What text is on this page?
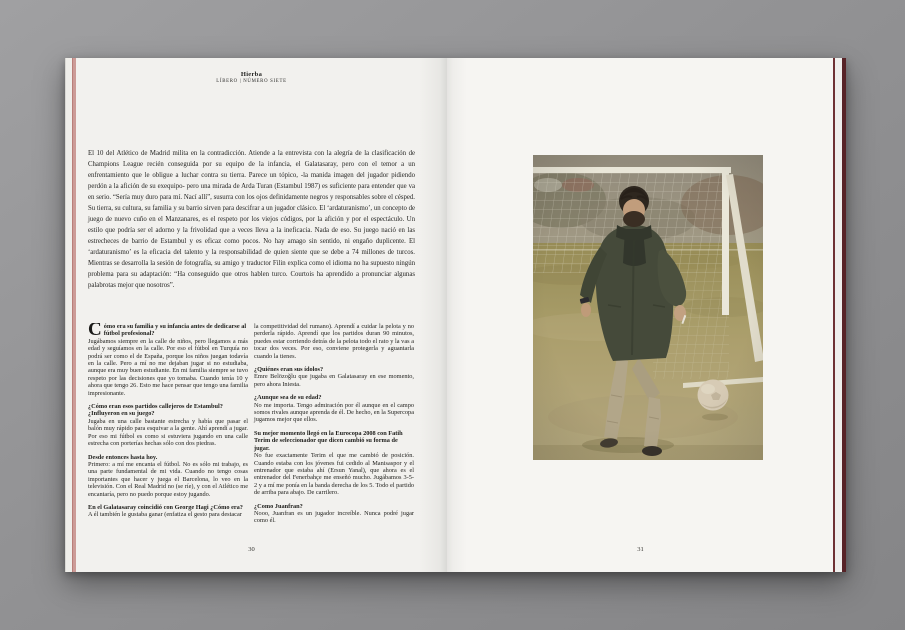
Hierba
LÍBERO | NÚMERO SIETE

El 10 del Atlético de Madrid milita en la contradicción. Atiende a la entrevista con la alegría de la clasificación de Champions League recién conseguida por su equipo de la infancia, el Galatasaray, pero con el temor a un enfrentamiento que le obligue a luchar contra su tierra. Parece un tópico, -la manida imagen del jugador pidiendo perdón a la afición de su exequipo- pero una mirada de Arda Turan (Estambul 1987) es suficiente para entender que va en serio. “Sería muy duro para mí. Nací allí”, susurra con los ojos definidamente negros y responsables sobre el césped. Su tierra, su cultura, su familia y su barrio sirven para descifrar a un jugador clásico. El ‘ardaturanismo’, un concepto de juego de nuevo cuño en el Manzanares, es el respeto por los viejos códigos, por la afición y por el espectáculo. Un estilo que podría ser el adorno y la frivolidad que a veces lleva a la ineficacia. Nada de eso. Su juego nació en las estrecheces de barrio de Estambul y es eficaz como pocos. No hay amago sin sentido, ni engaño duplicente. El ‘ardaturanismo’ es la eficacia del talento y la responsabilidad de quien siente que se debe a 74 millones de turcos. Mientras se desarrolla la sesión de fotografía, su amigo y traductor Filin explica como el idioma no ha supuesto ningún problema para su adaptación: “Ha conseguido que otros hablen turco. Courtois ha aprendido a pronunciar algunas palabrotas mejor que nosotros”.

Cómo era su familia y su infancia antes de dedicarse al fútbol profesional?

Jugábamos siempre en la calle de niños, pero llegamos a más edad y seguíamos en la calle. Por eso el fútbol en Turquía no podrá ser como el de España, porque los niños juegan todavía en la calle. Pero a mí no me dejaban jugar si no estudiaba, aunque era muy buen estudiante. En mi familia siempre se tuvo respeto por las decisiones que yo tomaba. Cuando tenía 10 y ahora que tengo 26. Esto me hace pensar que tengo una familia impresionante.

¿Cómo eran esos partidos callejeros de Estambul? ¿Influyeron en su juego?

Jugaba en una calle bastante estrecha y había que pasar el balón muy rápido para esquivar a la gente. Ahí aprendí a jugar. Por eso mi fútbol es como si estuviera jugando en una calle estrecha con porterías hechas sólo con dos piedras.

Desde entonces hasta hoy.

Primero: a mí me encanta el fútbol. No es sólo mi trabajo, es una parte fundamental de mi vida. Cuando no tengo cosas importantes que hacer y juega el Barcelona, lo veo en la televisión. Con el Real Madrid no (se ríe), y con el Atlético me encantaría, pero no puedo porque estoy jugando.

En el Galatasaray coincidió con George Hagi ¿Cómo era?

A él también le gustaba ganar (enfatiza el gesto para destacar

la competitividad del rumano). Aprendí a cuidar la pelota y no perderla rápido. Aprendí que los partidos duran 90 minutos, puedes estar corriendo detrás de la pelota todo el rato y la vas a tocar dos veces. Por eso, conviene protegerla y aguantarla cuando la tienes.

¿Quiénes eran sus ídolos?

Emre Belözoğlu que jugaba en Galatasaray en ese momento, pero ahora Iniesta.

¿Aunque sea de su edad?

No me importa. Tengo admiración por él aunque en el campo somos rivales aunque aprenda de él. De hecho, en la Supercopa jugamos mejor que ellos.

Su mejor momento llegó en la Eurocopa 2008 con Fatih Terim de seleccionador que dicen cambió su forma de jugar.

No fue exactamente Terim el que me cambió de posición. Cuando estaba con los jóvenes fui cedido al Manisaspor y el entrenador que estaba ahí (Ersun Yanal), que ahora es el entrenador del Fenerbahçe me enseñó mucho. Jugábamos 3-5-2 y a mí me ponía en la banda derecha de los 5. Todo el partido de arriba para abajo. De carrilero.

¿Como Juanfran?

Nooo, Juanfran es un jugador increíble. Nunca podré jugar como él.

30	31
